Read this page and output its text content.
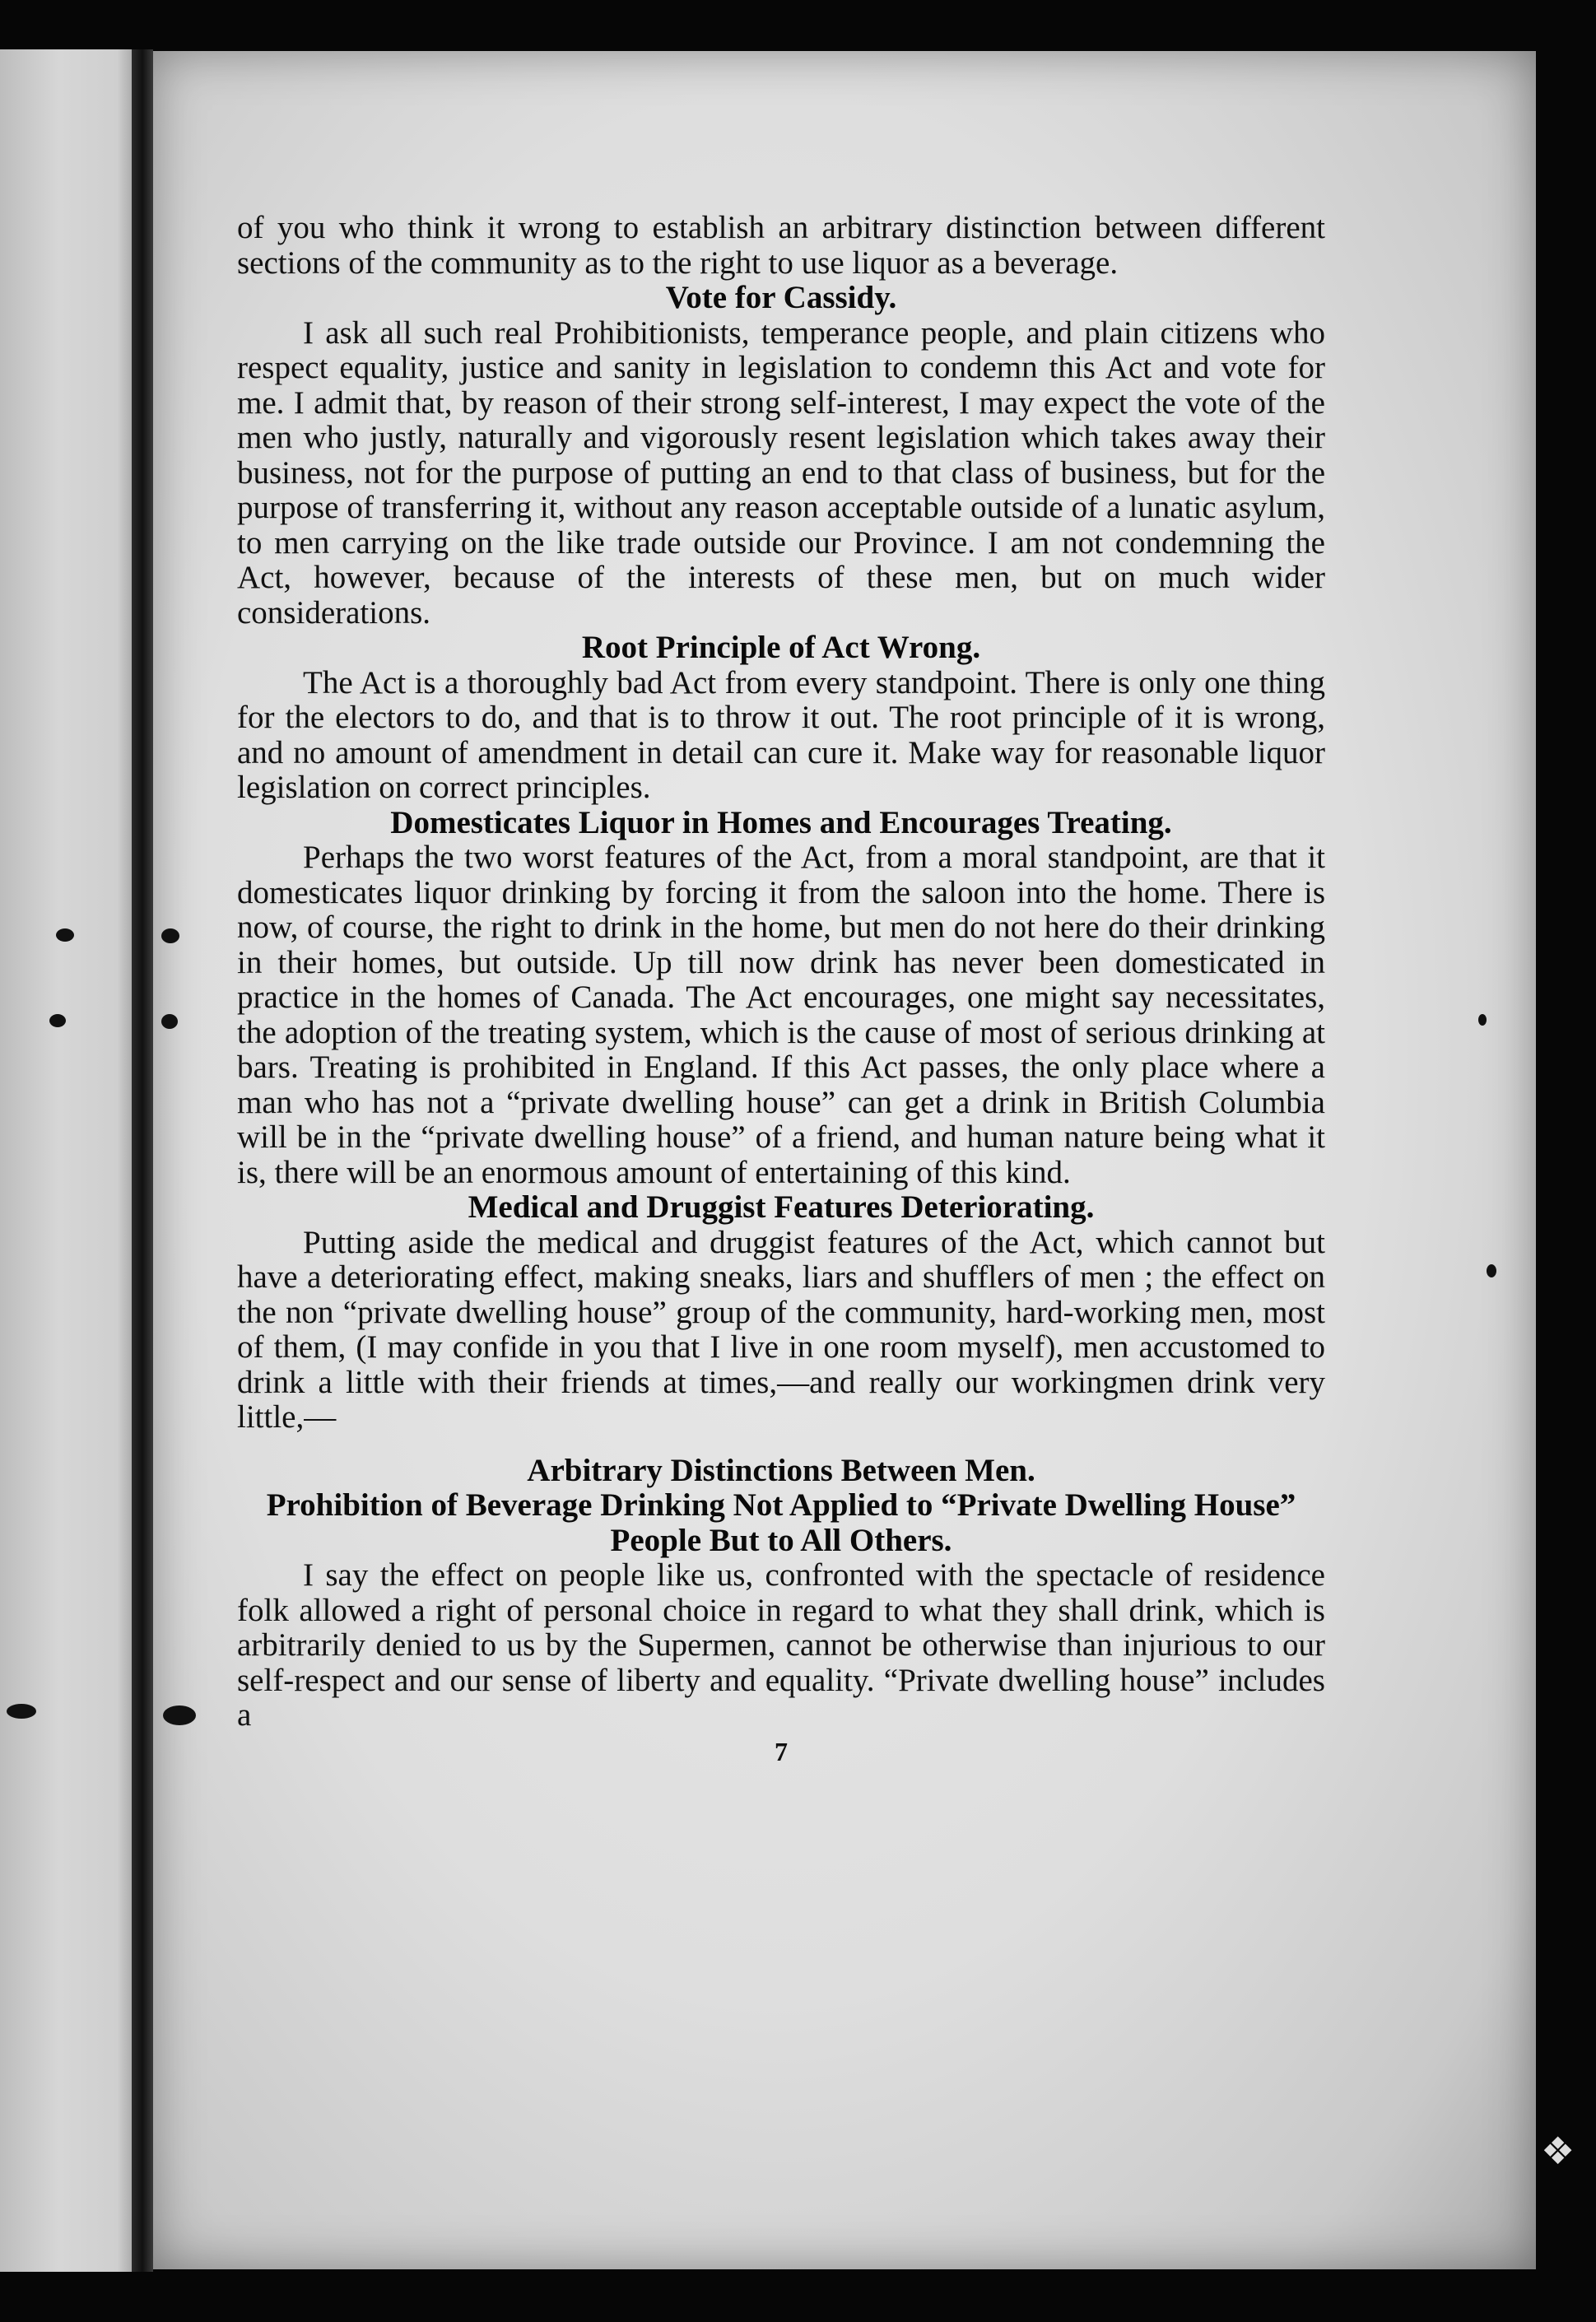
❖

of you who think it wrong to establish an arbitrary distinction between different sections of the community as to the right to use liquor as a beverage.

Vote for Cassidy.

I ask all such real Prohibitionists, temperance people, and plain citizens who respect equality, justice and sanity in legislation to condemn this Act and vote for me. I admit that, by reason of their strong self-interest, I may expect the vote of the men who justly, naturally and vigorously resent legislation which takes away their business, not for the purpose of putting an end to that class of business, but for the purpose of transferring it, without any reason acceptable outside of a lunatic asylum, to men carrying on the like trade outside our Province. I am not condemning the Act, however, because of the interests of these men, but on much wider considerations.

Root Principle of Act Wrong.

The Act is a thoroughly bad Act from every standpoint. There is only one thing for the electors to do, and that is to throw it out. The root principle of it is wrong, and no amount of amendment in detail can cure it. Make way for reasonable liquor legislation on correct principles.

Domesticates Liquor in Homes and Encourages Treating.

Perhaps the two worst features of the Act, from a moral standpoint, are that it domesticates liquor drinking by forcing it from the saloon into the home. There is now, of course, the right to drink in the home, but men do not here do their drinking in their homes, but outside. Up till now drink has never been domesticated in practice in the homes of Canada. The Act encourages, one might say necessitates, the adoption of the treating system, which is the cause of most of serious drinking at bars. Treating is prohibited in England. If this Act passes, the only place where a man who has not a “private dwelling house” can get a drink in British Columbia will be in the “private dwelling house” of a friend, and human nature being what it is, there will be an enormous amount of entertaining of this kind.

Medical and Druggist Features Deteriorating.

Putting aside the medical and druggist features of the Act, which cannot but have a deteriorating effect, making sneaks, liars and shufflers of men ; the effect on the non “private dwelling house” group of the community, hard-working men, most of them, (I may confide in you that I live in one room myself), men accustomed to drink a little with their friends at times,—and really our workingmen drink very little,—

Arbitrary Distinctions Between Men.

Prohibition of Beverage Drinking Not Applied to “Private Dwelling House” People But to All Others.

I say the effect on people like us, confronted with the spectacle of residence folk allowed a right of personal choice in regard to what they shall drink, which is arbitrarily denied to us by the Supermen, cannot be otherwise than injurious to our self-respect and our sense of liberty and equality. “Private dwelling house” includes a

7
